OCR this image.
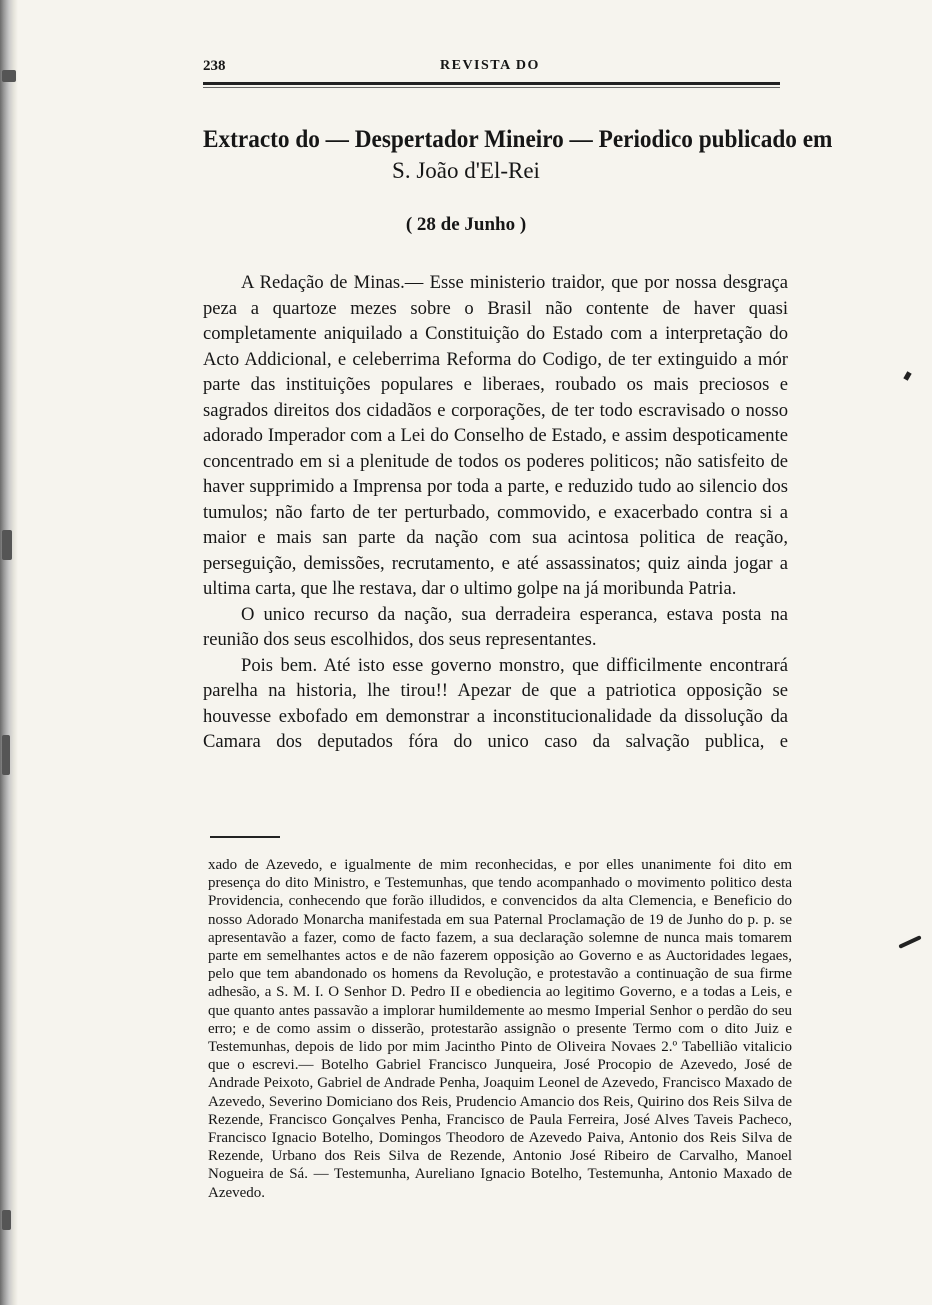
238	REVISTA DO
Extracto do — Despertador Mineiro — Periodico publicado em
S. João d'El-Rei
( 28 de Junho )

A Redação de Minas.— Esse ministerio traidor, que por nossa desgraça peza a quartoze mezes sobre o Brasil não contente de haver quasi completamente aniquilado a Constituição do Estado com a interpretação do Acto Addicional, e celeberrima Reforma do Codigo, de ter extinguido a mór parte das instituições populares e liberaes, roubado os mais preciosos e sagrados direitos dos cidadãos e corporações, de ter todo escravisado o nosso adorado Imperador com a Lei do Conselho de Estado, e assim despoticamente concentrado em si a plenitude de todos os poderes politicos; não satisfeito de haver supprimido a Imprensa por toda a parte, e reduzido tudo ao silencio dos tumulos; não farto de ter perturbado, commovido, e exacerbado contra si a maior e mais san parte da nação com sua acintosa politica de reação, perseguição, demissões, recrutamento, e até assassinatos; quiz ainda jogar a ultima carta, que lhe restava, dar o ultimo golpe na já moribunda Patria.

O unico recurso da nação, sua derradeira esperanca, estava posta na reunião dos seus escolhidos, dos seus representantes.

Pois bem. Até isto esse governo monstro, que difficilmente encontrará parelha na historia, lhe tirou!! Apezar de que a patriotica opposição se houvesse exbofado em demonstrar a inconstitucionalidade da dissolução da Camara dos deputados fóra do unico caso da salvação publica, e

xado de Azevedo, e igualmente de mim reconhecidas, e por elles unanimente foi dito em presença do dito Ministro, e Testemunhas, que tendo acompanhado o movimento politico desta Providencia, conhecendo que forão illudidos, e convencidos da alta Clemencia, e Beneficio do nosso Adorado Monarcha manifestada em sua Paternal Proclamação de 19 de Junho do p. p. se apresentavão a fazer, como de facto fazem, a sua declaração solemne de nunca mais tomarem parte em semelhantes actos e de não fazerem opposição ao Governo e as Auctoridades legaes, pelo que tem abandonado os homens da Revolução, e protestavão a continuação de sua firme adhesão, a S. M. I. O Senhor D. Pedro II e obediencia ao legitimo Governo, e a todas a Leis, e que quanto antes passavão a implorar humildemente ao mesmo Imperial Senhor o perdão do seu erro; e de como assim o disserão, protestarão assignão o presente Termo com o dito Juiz e Testemunhas, depois de lido por mim Jacintho Pinto de Oliveira Novaes 2.º Tabellião vitalicio que o escrevi.— Botelho Gabriel Francisco Junqueira, José Procopio de Azevedo, José de Andrade Peixoto, Gabriel de Andrade Penha, Joaquim Leonel de Azevedo, Francisco Maxado de Azevedo, Severino Domiciano dos Reis, Prudencio Amancio dos Reis, Quirino dos Reis Silva de Rezende, Francisco Gonçalves Penha, Francisco de Paula Ferreira, José Alves Taveis Pacheco, Francisco Ignacio Botelho, Domingos Theodoro de Azevedo Paiva, Antonio dos Reis Silva de Rezende, Urbano dos Reis Silva de Rezende, Antonio José Ribeiro de Carvalho, Manoel Nogueira de Sá. — Testemunha, Aureliano Ignacio Botelho, Testemunha, Antonio Maxado de Azevedo.
